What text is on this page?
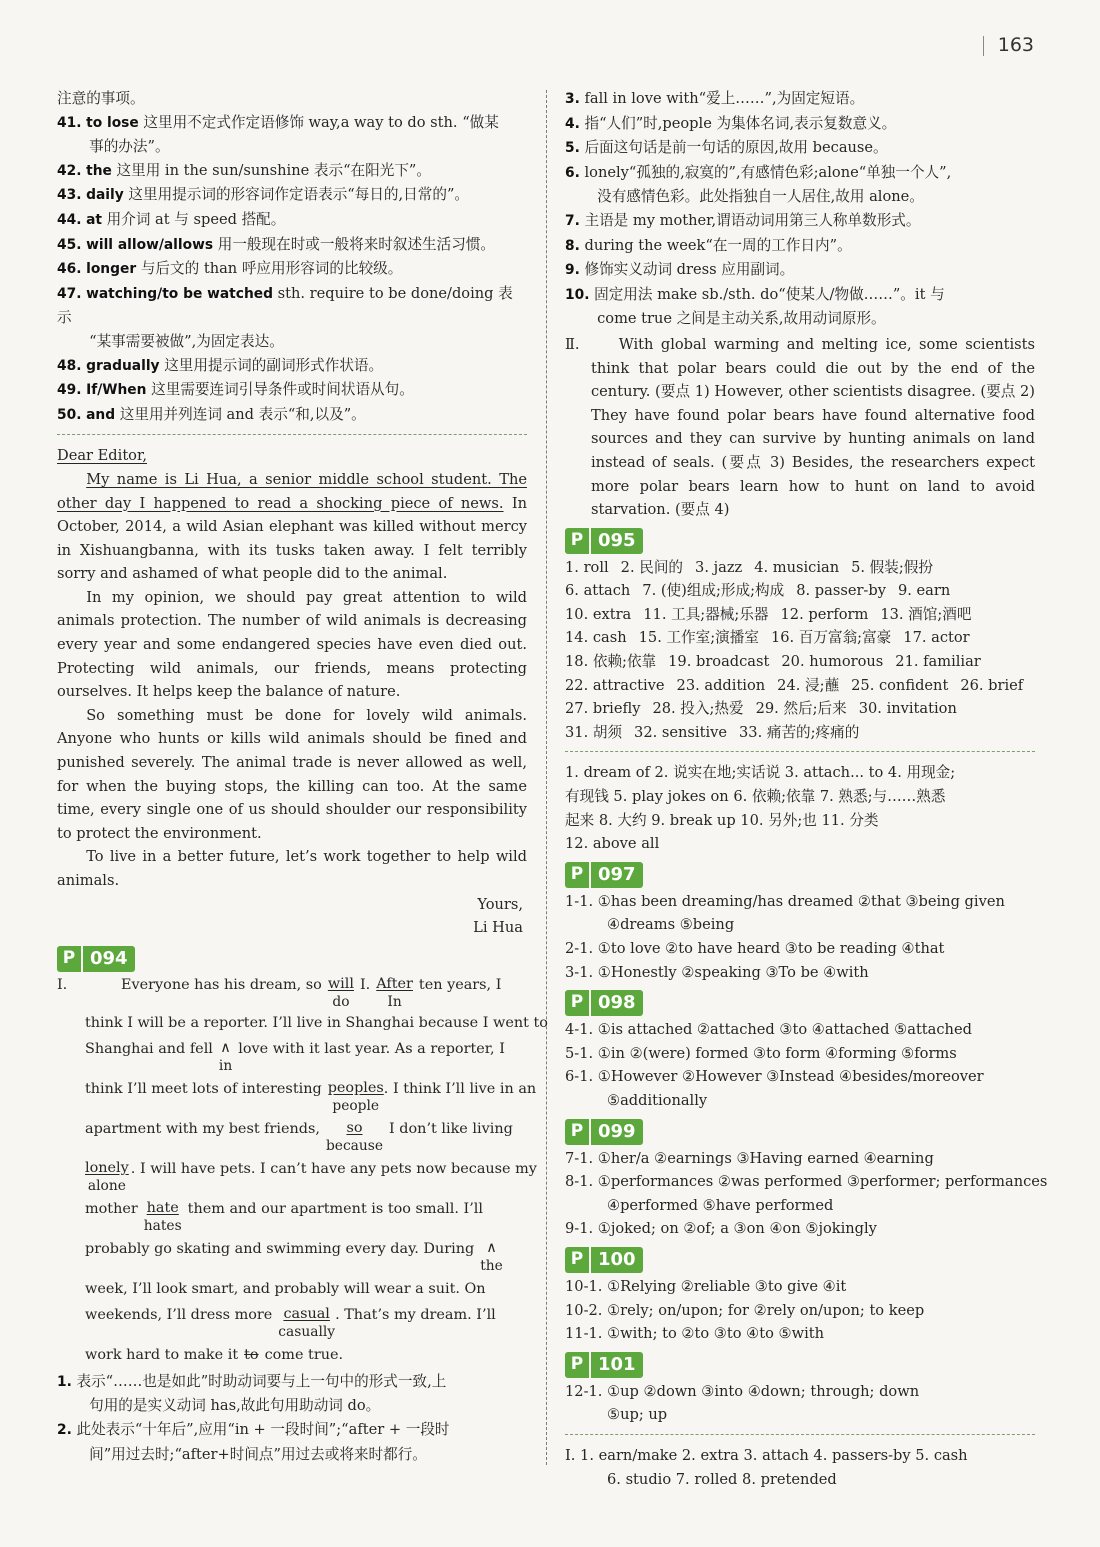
163
注意的事项。
41. to lose 这里用不定式作定语修饰 way,a way to do sth. “做某
事的办法”。
42. the 这里用 in the sun/sunshine 表示“在阳光下”。
43. daily 这里用提示词的形容词作定语表示“每日的,日常的”。
44. at 用介词 at 与 speed 搭配。
45. will allow/allows 用一般现在时或一般将来时叙述生活习惯。
46. longer 与后文的 than 呼应用形容词的比较级。
47. watching/to be watched sth. require to be done/doing 表示
“某事需要被做”,为固定表达。
48. gradually 这里用提示词的副词形式作状语。
49. If/When 这里需要连词引导条件或时间状语从句。
50. and 这里用并列连词 and 表示“和,以及”。

Dear Editor,

My name is Li Hua, a senior middle school student. The other day I happened to read a shocking piece of news. In October, 2014, a wild Asian elephant was killed without mercy in Xishuangbanna, with its tusks taken away. I felt terribly sorry and ashamed of what people did to the animal.

In my opinion, we should pay great attention to wild animals protection. The number of wild animals is decreasing every year and some endangered species have even died out. Protecting wild animals, our friends, means protecting ourselves. It helps keep the balance of nature.

So something must be done for lovely wild animals. Anyone who hunts or kills wild animals should be fined and punished severely. The animal trade is never allowed as well, for when the buying stops, the killing can too. At the same time, every single one of us should shoulder our responsibility to protect the environment.

To live in a better future, let’s work together to help wild animals.

Yours,

Li Hua

P 094
Ⅰ.	Everyone has his dream, so will
do
I. After
In
ten years, I
think I will be a reporter. I’ll live in Shanghai because I went to
Shanghai and fell ∧
in
love with it last year. As a reporter, I
think I’ll meet lots of interesting peoples
people
. I think I’ll live in an
apartment with my best friends, so
because
I don’t like living
lonely
alone
. I will have pets. I can’t have any pets now because my
mother hate
hates
them and our apartment is too small. I’ll
probably go skating and swimming every day. During ∧
the
week, I’ll look smart, and probably will wear a suit. On
weekends, I’ll dress more casual
casually
. That’s my dream. I’ll
work hard to make it to come true.
1. 表示“……也是如此”时助动词要与上一句中的形式一致,上
句用的是实义动词 has,故此句用助动词 do。
2. 此处表示“十年后”,应用“in + 一段时间”;“after + 一段时
间”用过去时;“after+时间点”用过去或将来时都行。
3. fall in love with“爱上……”,为固定短语。
4. 指“人们”时,people 为集体名词,表示复数意义。
5. 后面这句话是前一句话的原因,故用 because。
6. lonely“孤独的,寂寞的”,有感情色彩;alone“单独一个人”,
没有感情色彩。此处指独自一人居住,故用 alone。
7. 主语是 my mother,谓语动词用第三人称单数形式。
8. during the week“在一周的工作日内”。
9. 修饰实义动词 dress 应用副词。
10. 固定用法 make sb./sth. do“使某人/物做……”。it 与
come true 之间是主动关系,故用动词原形。
Ⅱ.	With global warming and melting ice, some scientists think that polar bears could die out by the end of the century. (要点 1) However, other scientists disagree. (要点 2) They have found polar bears have found alternative food sources and they can survive by hunting animals on land instead of seals. (要点 3) Besides, the researchers expect more polar bears learn how to hunt on land to avoid starvation. (要点 4)
P 095
1. roll 2. 民间的 3. jazz 4. musician 5. 假装;假扮
6. attach 7. (使)组成;形成;构成 8. passer-by 9. earn
10. extra 11. 工具;器械;乐器 12. perform 13. 酒馆;酒吧
14. cash 15. 工作室;演播室 16. 百万富翁;富豪 17. actor
18. 依赖;依靠 19. broadcast 20. humorous 21. familiar
22. attractive 23. addition 24. 浸;蘸 25. confident 26. brief
27. briefly 28. 投入;热爱 29. 然后;后来 30. invitation
31. 胡须 32. sensitive 33. 痛苦的;疼痛的
1. dream of 2. 说实在地;实话说 3. attach... to 4. 用现金;
有现钱 5. play jokes on 6. 依赖;依靠 7. 熟悉;与……熟悉
起来 8. 大约 9. break up 10. 另外;也 11. 分类
12. above all
P 097
1-1. ①has been dreaming/has dreamed ②that ③being given
④dreams ⑤being
2-1. ①to love ②to have heard ③to be reading ④that
3-1. ①Honestly ②speaking ③To be ④with
P 098
4-1. ①is attached ②attached ③to ④attached ⑤attached
5-1. ①in ②(were) formed ③to form ④forming ⑤forms
6-1. ①However ②However ③Instead ④besides/moreover
⑤additionally
P 099
7-1. ①her/a ②earnings ③Having earned ④earning
8-1. ①performances ②was performed ③performer; performances
④performed ⑤have performed
9-1. ①joked; on ②of; a ③on ④on ⑤jokingly
P 100
10-1. ①Relying ②reliable ③to give ④it
10-2. ①rely; on/upon; for ②rely on/upon; to keep
11-1. ①with; to ②to ③to ④to ⑤with
P 101
12-1. ①up ②down ③into ④down; through; down
⑤up; up
Ⅰ. 1. earn/make 2. extra 3. attach 4. passers-by 5. cash
6. studio 7. rolled 8. pretended
